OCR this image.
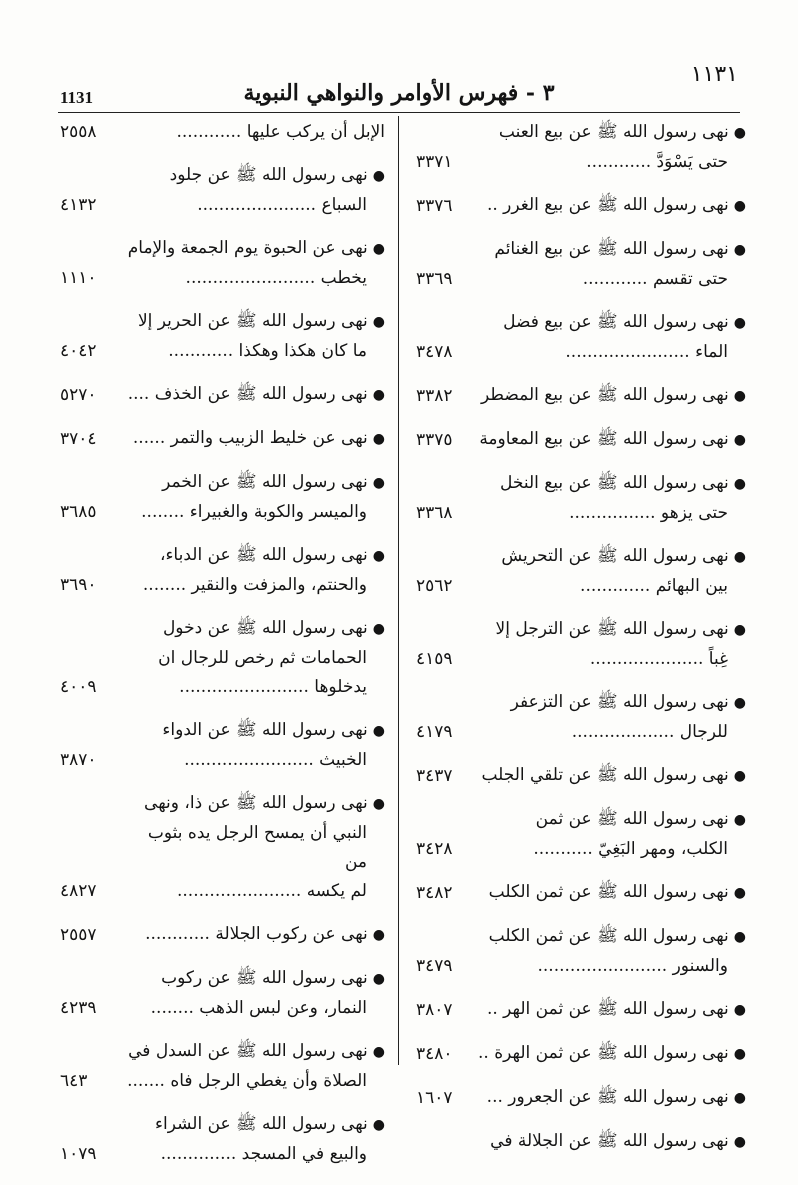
1131	٣ - فهرس الأوامر والنواهي النبوية
١١٣١
●نهى رسول الله ﷺ عن بيع العنب
حتى يَسْوَدَّ ............
٣٣٧١
●نهى رسول الله ﷺ عن بيع الغرر ..
٣٣٧٦
●نهى رسول الله ﷺ عن بيع الغنائم
حتى تقسم ............
٣٣٦٩
●نهى رسول الله ﷺ عن بيع فضل
الماء .......................
٣٤٧٨
●نهى رسول الله ﷺ عن بيع المضطر
٣٣٨٢
●نهى رسول الله ﷺ عن بيع المعاومة
٣٣٧٥
●نهى رسول الله ﷺ عن بيع النخل
حتى يزهو ................
٣٣٦٨
●نهى رسول الله ﷺ عن التحريش
بين البهائم .............
٢٥٦٢
●نهى رسول الله ﷺ عن الترجل إلا
غِباً .....................
٤١٥٩
●نهى رسول الله ﷺ عن التزعفر
للرجال ...................
٤١٧٩
●نهى رسول الله ﷺ عن تلقي الجلب
٣٤٣٧
●نهى رسول الله ﷺ عن ثمن
الكلب، ومهر البَغِيّ ...........
٣٤٢٨
●نهى رسول الله ﷺ عن ثمن الكلب
٣٤٨٢
●نهى رسول الله ﷺ عن ثمن الكلب
والسنور ........................
٣٤٧٩
●نهى رسول الله ﷺ عن ثمن الهر ..
٣٨٠٧
●نهى رسول الله ﷺ عن ثمن الهرة ..
٣٤٨٠
●نهى رسول الله ﷺ عن الجعرور ...
١٦٠٧
●نهى رسول الله ﷺ عن الجلالة في
الإبل أن يركب عليها ............
٢٥٥٨
●نهى رسول الله ﷺ عن جلود
السباع ......................
٤١٣٢
●نهى عن الحبوة يوم الجمعة والإمام
يخطب ........................
١١١٠
●نهى رسول الله ﷺ عن الحرير إلا
ما كان هكذا وهكذا ............
٤٠٤٢
●نهى رسول الله ﷺ عن الخذف ....
٥٢٧٠
●نهى عن خليط الزبيب والتمر ......
٣٧٠٤
●نهى رسول الله ﷺ عن الخمر
والميسر والكوبة والغبيراء ........
٣٦٨٥
●نهى رسول الله ﷺ عن الدباء،
والحنتم، والمزفت والنقير ........
٣٦٩٠
●نهى رسول الله ﷺ عن دخول
الحمامات ثم رخص للرجال ان
يدخلوها ........................
٤٠٠٩
●نهى رسول الله ﷺ عن الدواء
الخبيث ........................
٣٨٧٠
●نهى رسول الله ﷺ عن ذا، ونهى
النبي أن يمسح الرجل يده بثوب من
لم يكسه .......................
٤٨٢٧
●نهى عن ركوب الجلالة ............
٢٥٥٧
●نهى رسول الله ﷺ عن ركوب
النمار، وعن لبس الذهب ........
٤٢٣٩
●نهى رسول الله ﷺ عن السدل في
الصلاة وأن يغطي الرجل فاه .......
٦٤٣
●نهى رسول الله ﷺ عن الشراء
والبيع في المسجد ..............
١٠٧٩
